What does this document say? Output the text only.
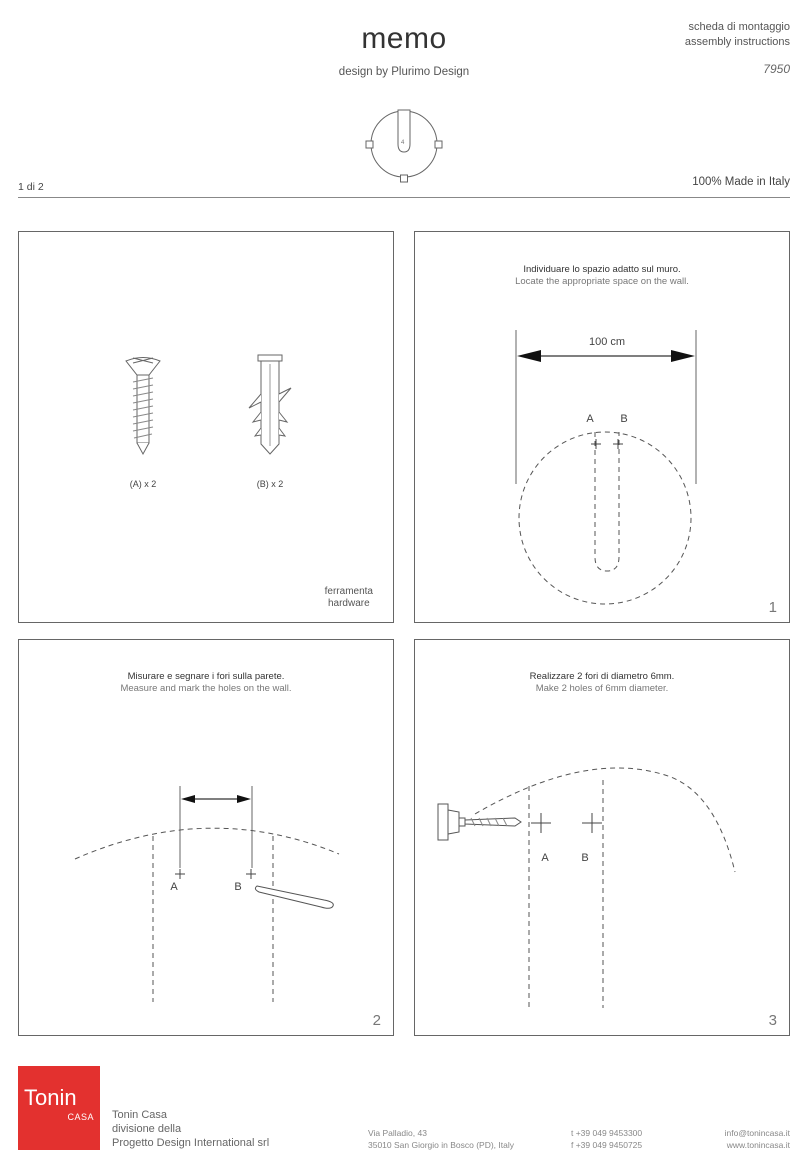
memo
design by Plurimo Design
scheda di montaggio
assembly instructions
7950
4
1 di 2	100% Made in Italy
(A) x 2	(B) x 2
ferramenta
hardware
Individuare lo spazio adatto sul muro.
Locate the appropriate space on the wall.
100 cm
A B
1
Misurare e segnare i fori sulla parete.
Measure and mark the holes on the wall.
A	B
2
Realizzare 2 fori di diametro 6mm.
Make 2 holes of 6mm diameter.
A	B
3
Tonin
CASA Tonin Casa
divisione della
Progetto Design International srl
Via Palladio, 43
35010 San Giorgio in Bosco (PD), Italy
t +39 049 9453300
f +39 049 9450725
info@tonincasa.it
www.tonincasa.it
